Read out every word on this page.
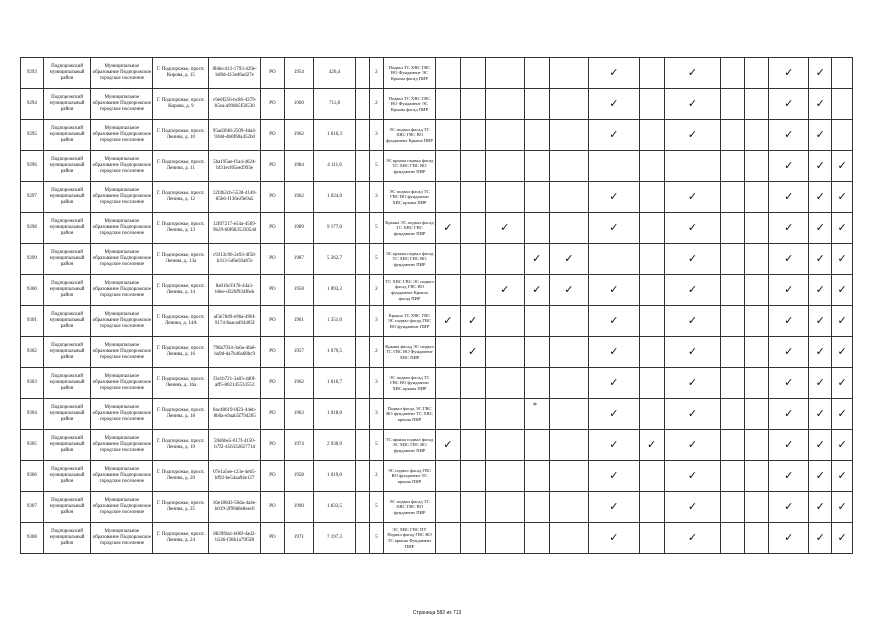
9293	Подпорожский муниципальный район	Муниципальное образование Подпорожское городское поселение	Г. Подпорожье, просп. Кирова, д. 15	0b8ec413-1793-429e-bd9d-413ed6ad27e	РО	1954	426,4		2	Подвал ТС ХВС ГВС ВО Фундамент ЭС Крыша фасад ПИР						✓		✓			✓	✓	
9294	Подпорожский муниципальный район	Муниципальное образование Подпорожское городское поселение	Г. Подпорожье, просп. Кирова, д. 9	c9e0f256-bc86-4379-b5ea-a99db5f56530	РО	1960	711,8		2	Подвал ТС ХВС ГВС ВО Фундамент ЭС Крыша фасад ПИР						✓		✓			✓	✓	
9295	Подпорожский муниципальный район	Муниципальное образование Подпорожское городское поселение	Г. Подпорожье, просп. Ленина, д. 10	95ad3f48-2509-4da4-938d-db0f60a452b0	РО	1962	1 616,3		3	ЭС подвал фасад ТС ХВС ГВС ВО фундамент Крыша ПИР						✓		✓			✓	✓	
9296	Подпорожский муниципальный район	Муниципальное образование Подпорожское городское поселение	Г. Подпорожье, просп. Ленина, д. 11	5ba195ae-f1a4-4624-bf31ecf65ee2993e	РО	1984	4 111,6		5	ЭС крыша подвал фасад ТС ХВС ГВС ВО фундамент ПИР											✓	✓	✓
9297	Подпорожский муниципальный район	Муниципальное образование Подпорожское городское поселение	Г. Подпорожье, просп. Ленина, д. 12	12f4b2cb-5530-4140-85b6-f136e29e9a5	РО	1962	1 024,0		3	ЭС подвал фасад ТС ГВС ВО фундамент ХВС крыша ПИР						✓		✓			✓	✓	✓
9298	Подпорожский муниципальный район	Муниципальное образование Подпорожское городское поселение	Г. Подпорожье, просп. Ленина, д. 13	12f07217-e54a-4569-9b29-60f683533054d	РО	1989	9 177,0		5	Крыша ЭС подвал фасад ТС ХВС ГВС фундамент ПИР	✓		✓			✓		✓			✓	✓	✓
9299	Подпорожский муниципальный район	Муниципальное образование Подпорожское городское поселение	Г. Подпорожье, просп. Ленина, д. 13а	c9313c96-2e93-4f58-b313-5d6e92a87e	РО	1987	5 262,7		5	ЭС крыша подвал фасад ТС ХВС ГВС ВО фундамент ПИР				✓	✓			✓			✓	✓	✓
9300	Подпорожский муниципальный район	Муниципальное образование Подпорожское городское поселение	Г. Подпорожье, просп. Ленина, д. 14	8a016cF478-44a3-b0ee-d326f934f6eb	РО	1958	1 093,3		2	ТС ХВС ГВС ЭС подвал фасад ГВС ВО фундамент Крыша фасад ПИР			✓	✓	✓	✓		✓			✓	✓	✓
9301	Подпорожский муниципальный район	Муниципальное образование Подпорожское городское поселение	Г. Подпорожье, просп. Ленина, д. 14А	af3e78d9-e96a-496f-9174-8aacad94405f	РО	1961	1 351,0		3	Крыша ТС ХВС ГВС ЭС подвал фасад ГВС ВО фундамент ПИР	✓	✓				✓		✓			✓	✓	✓
9302	Подпорожский муниципальный район	Муниципальное образование Подпорожское городское поселение	Г. Подпорожье, просп. Ленина, д. 16	798a7934-3a6a-4fa8-ba9d-da7b46a68bc9	РО	1957	1 079,5		2	Крыша фасад ЭС подвал ТС ГВС ВО Фундамент ХВС ПИР		✓				✓		✓			✓	✓	✓
9303	Подпорожский муниципальный район	Муниципальное образование Подпорожское городское поселение	Г. Подпорожье, просп. Ленина, д. 16а	f3e1b721-3a03-4d0f-aff5-802145533552	РО	1962	1 016,7		3	ЭС подвал фасад ТС ГВС ВО фундамент ХВС крыша ПИР						✓		✓			✓	✓	✓
9304	Подпорожский муниципальный район	Муниципальное образование Подпорожское городское поселение	Г. Подпорожье, просп. Ленина, д. 18	8ac48619-0f23-44eb-8b0a-e9aab5f794265	РО	1963	1 018,0		3	Подвал фасад ЭС ГВС ВО фундамент ТС ХВС крыша ПИР						✓		✓			✓	✓	✓
9305	Подпорожский муниципальный район	Муниципальное образование Подпорожское городское поселение	Г. Подпорожье, просп. Ленина, д. 19	59d6be5-617f-4150-b7f2-45633282771d	РО	1974	2 930,9		5	ТС крыша подвал фасад ЭС ХВС ГВС ВО фундамент ПИР	✓					✓	✓	✓			✓	✓	✓
9306	Подпорожский муниципальный район	Муниципальное образование Подпорожское городское поселение	Г. Подпорожье, просп. Ленина, д. 20	07e1a5ee-c23e-4eb5-bf93-be54aa94e127	РО	1958	1 019,0		2	ЭС подвал фасад ГВС ВО фундамент ТС крыша ПИР						✓		✓			✓	✓	✓
9307	Подпорожский муниципальный район	Муниципальное образование Подпорожское городское поселение	Г. Подпорожье, просп. Ленина, д. 25	16e180d3-50da-4a4e-b019-2f99d8e8eec0	РО	1990	1 833,5		5	ЭС подвал фасад ТС ХВС ГВС ВО фундамент ПИР						✓		✓			✓	✓	✓
9308	Подпорожский муниципальный район	Муниципальное образование Подпорожское городское поселение	Г. Подпорожье, просп. Ленина, д. 24	8829fda1-b06f-4ad2-b546-f38b1a79f5f8	РО	1971	7 197,3		5	ЭС ХВС ГВС ПУ Подвал фасад ГВС ВО ТС крыша Фундамент ПИР						✓		✓			✓	✓	✓
*
Страница 582 из 713
